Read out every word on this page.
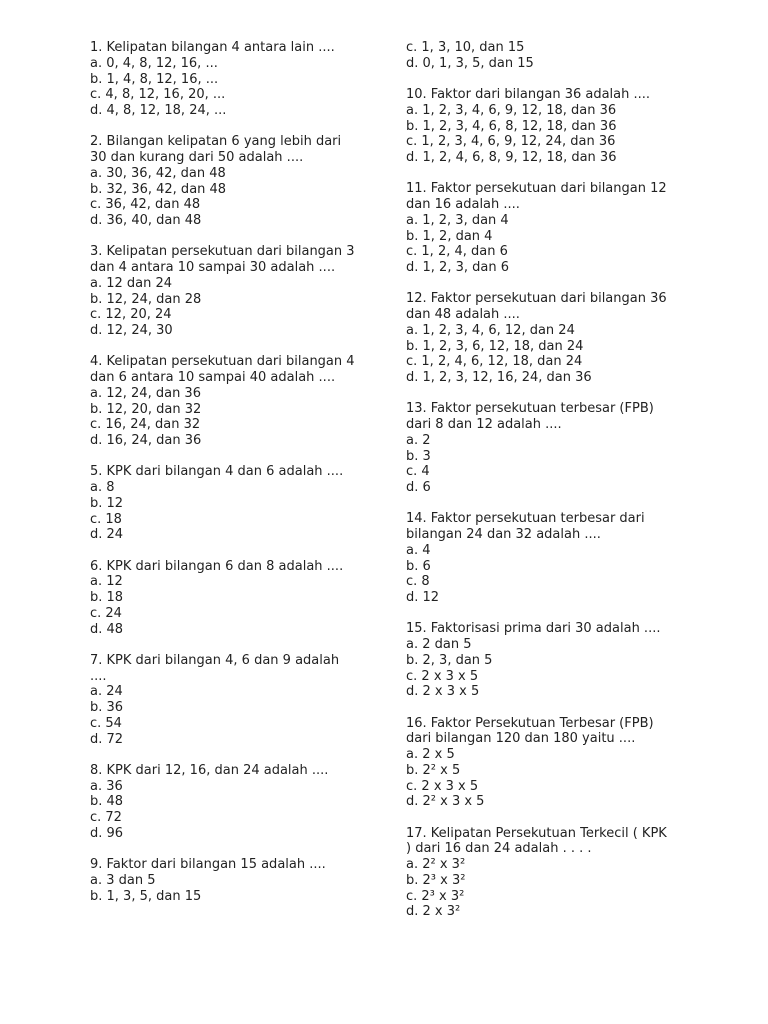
1. Kelipatan bilangan 4 antara lain ....
a. 0, 4, 8, 12, 16, ...
b. 1, 4, 8, 12, 16, ...
c. 4, 8, 12, 16, 20, ...
d. 4, 8, 12, 18, 24, ...
2. Bilangan kelipatan 6 yang lebih dari
30 dan kurang dari 50 adalah ....
a. 30, 36, 42, dan 48
b. 32, 36, 42, dan 48
c. 36, 42, dan 48
d. 36, 40, dan 48
3. Kelipatan persekutuan dari bilangan 3
dan 4 antara 10 sampai 30 adalah ....
a. 12 dan 24
b. 12, 24, dan 28
c. 12, 20, 24
d. 12, 24, 30
4. Kelipatan persekutuan dari bilangan 4
dan 6 antara 10 sampai 40 adalah ....
a. 12, 24, dan 36
b. 12, 20, dan 32
c. 16, 24, dan 32
d. 16, 24, dan 36
5. KPK dari bilangan 4 dan 6 adalah ....
a. 8
b. 12
c. 18
d. 24
6. KPK dari bilangan 6 dan 8 adalah ....
a. 12
b. 18
c. 24
d. 48
7. KPK dari bilangan 4, 6 dan 9 adalah
....
a. 24
b. 36
c. 54
d. 72
8. KPK dari 12, 16, dan 24 adalah ....
a. 36
b. 48
c. 72
d. 96
9. Faktor dari bilangan 15 adalah ....
a. 3 dan 5
b. 1, 3, 5, dan 15
c. 1, 3, 10, dan 15
d. 0, 1, 3, 5, dan 15
10. Faktor dari bilangan 36 adalah ....
a. 1, 2, 3, 4, 6, 9, 12, 18, dan 36
b. 1, 2, 3, 4, 6, 8, 12, 18, dan 36
c. 1, 2, 3, 4, 6, 9, 12, 24, dan 36
d. 1, 2, 4, 6, 8, 9, 12, 18, dan 36
11. Faktor persekutuan dari bilangan 12
dan 16 adalah ....
a. 1, 2, 3, dan 4
b. 1, 2, dan 4
c. 1, 2, 4, dan 6
d. 1, 2, 3, dan 6
12. Faktor persekutuan dari bilangan 36
dan 48 adalah ....
a. 1, 2, 3, 4, 6, 12, dan 24
b. 1, 2, 3, 6, 12, 18, dan 24
c. 1, 2, 4, 6, 12, 18, dan 24
d. 1, 2, 3, 12, 16, 24, dan 36
13. Faktor persekutuan terbesar (FPB)
dari 8 dan 12 adalah ....
a. 2
b. 3
c. 4
d. 6
14. Faktor persekutuan terbesar dari
bilangan 24 dan 32 adalah ....
a. 4
b. 6
c. 8
d. 12
15. Faktorisasi prima dari 30 adalah ....
a. 2 dan 5
b. 2, 3, dan 5
c. 2 x 3 x 5
d. 2 x 3 x 5
16. Faktor Persekutuan Terbesar (FPB)
dari bilangan 120 dan 180 yaitu ....
a. 2 x 5
b. 2² x 5
c. 2 x 3 x 5
d. 2² x 3 x 5
17. Kelipatan Persekutuan Terkecil ( KPK
) dari 16 dan 24 adalah . . . .
a. 2² x 3²
b. 2³ x 3²
c. 2³ x 3²
d. 2 x 3²
